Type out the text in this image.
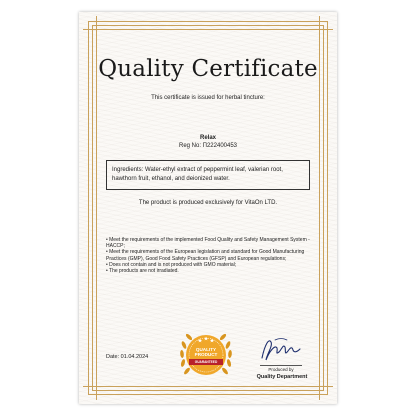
Quality Certificate
This certificate is issued for herbal tincture:
Relax
Reg No: П222400453
Ingredients: Water-ethyl extract of peppermint leaf, valerian root, hawthorn fruit, ethanol, and deionized water.
The product is produced exclusively for VitaOn LTD.
• Meet the requirements of the implemented Food Quality and Safety Management System - HACCP;
• Meet the requirements of the European legislation and standard for Good Manufacturing Practices (GMP), Good Food Safety Practices (GFSP) and European regulations;
• Does not contain and is not produced with GMO material;
• The products are not irradiated.
Date: 01.04.2024
QUALITY
PRODUCT
GUARANTEED
Produced by
Quality Department
